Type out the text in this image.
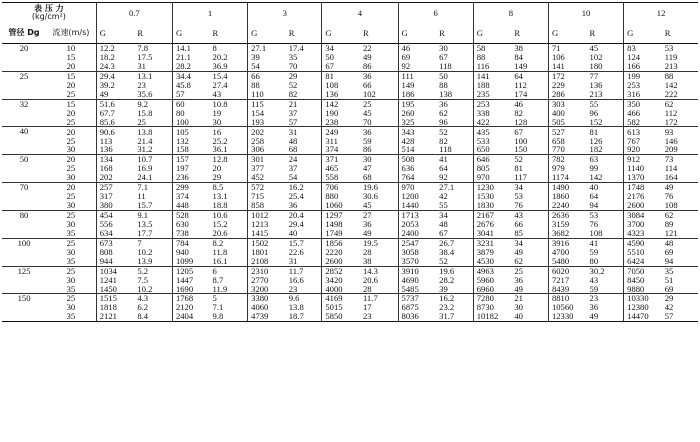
表 压 力
(kg/cm²)		0.7		1		3		4		6		8		10		12	
管径 Dg	流速(m/s)	G	R	G	R	G	R	G	R	G	R	G	R	G	R	G	R
20	10	12.2	7.8	14.1	8	27.1	17.4	34	22	46	30	58	38	71	45	83	53
	15	18.2	17.5	21.1	20.2	39	35	50	49	69	67	88	84	106	102	124	119
	20	24.3	31	28.2	36.9	54	70	67	86	92	118	116	149	141	180	166	213
25	15	29.4	13.1	34.4	15.4	66	29	81	36	111	50	141	64	172	77	199	88
	20	39.2	23	45.8	27.4	88	52	108	66	149	88	188	112	229	136	253	142
	25	49	35.6	57	43	110	82	136	102	186	138	235	174	286	213	316	222
32	15	51.6	9.2	60	10.8	115	21	142	25	195	36	253	46	303	55	350	62
	20	67.7	15.8	80	19	154	37	190	45	260	62	338	82	400	96	466	112
	25	85.6	25	100	30	193	57	238	70	325	96	422	128	505	152	582	172
40	20	90.6	13.8	105	16	202	31	249	36	343	52	435	67	527	81	613	93
	25	113	21.4	132	25.2	258	48	311	59	428	82	533	100	658	126	767	146
	30	136	31.2	158	36.1	306	68	374	86	514	118	650	150	770	182	920	209
50	20	134	10.7	157	12.8	301	24	371	30	508	41	646	52	782	63	912	73
	25	168	16.9	197	20	377	37	465	47	636	64	805	81	979	99	1140	114
	30	202	24.1	236	29	452	54	558	68	764	92	970	117	1174	142	1370	164
70	20	257	7.1	299	8.5	572	16.2	706	19.6	970	27.1	1230	34	1490	40	1748	49
	25	317	11	374	13.1	715	25.4	880	30.6	1200	42	1530	53	1860	64	2176	76
	30	380	15.7	448	18.8	858	36	1060	45	1440	55	1830	76	2240	94	2600	108
80	25	454	9.1	528	10.6	1012	20.4	1297	27	1713	34	2167	43	2636	53	3084	62
	30	556	13.5	630	15.2	1213	29.4	1498	36	2053	48	2676	66	3159	76	3700	89
	35	634	17.7	738	20.6	1415	40	1749	49	2400	67	3041	85	3682	108	4323	121
100	25	673	7	784	8.2	1502	15.7	1856	19.5	2547	26.7	3231	34	3916	41	4590	48
	30	808	10.2	940	11.8	1801	22.6	2220	28	3058	38.4	3879	49	4700	59	5510	69
	35	944	13.9	1099	16.1	2108	31	2600	38	3570	52	4530	62	5480	80	6424	94
125	25	1034	5.2	1205	6	2310	11.7	2852	14.3	3910	19.6	4963	25	6020	30.2	7050	35
	30	1241	7.5	1447	8.7	2770	16.6	3420	20.6	4690	28.2	5960	36	7217	43	8450	51
	35	1450	10.2	1690	11.9	3200	23	4000	28	5485	39	6960	49	8439	59	9880	69
150	25	1515	4.3	1768	5	3380	9.6	4169	11.7	5737	16.2	7280	21	8810	23	10330	29
	30	1818	6.2	2120	7.1	4060	13.8	5015	17	6875	23.2	8730	30	10560	36	12380	42
	35	2121	8.4	2404	9.8	4739	18.7	5850	23	8036	31.7	10182	40	12330	49	14470	57
